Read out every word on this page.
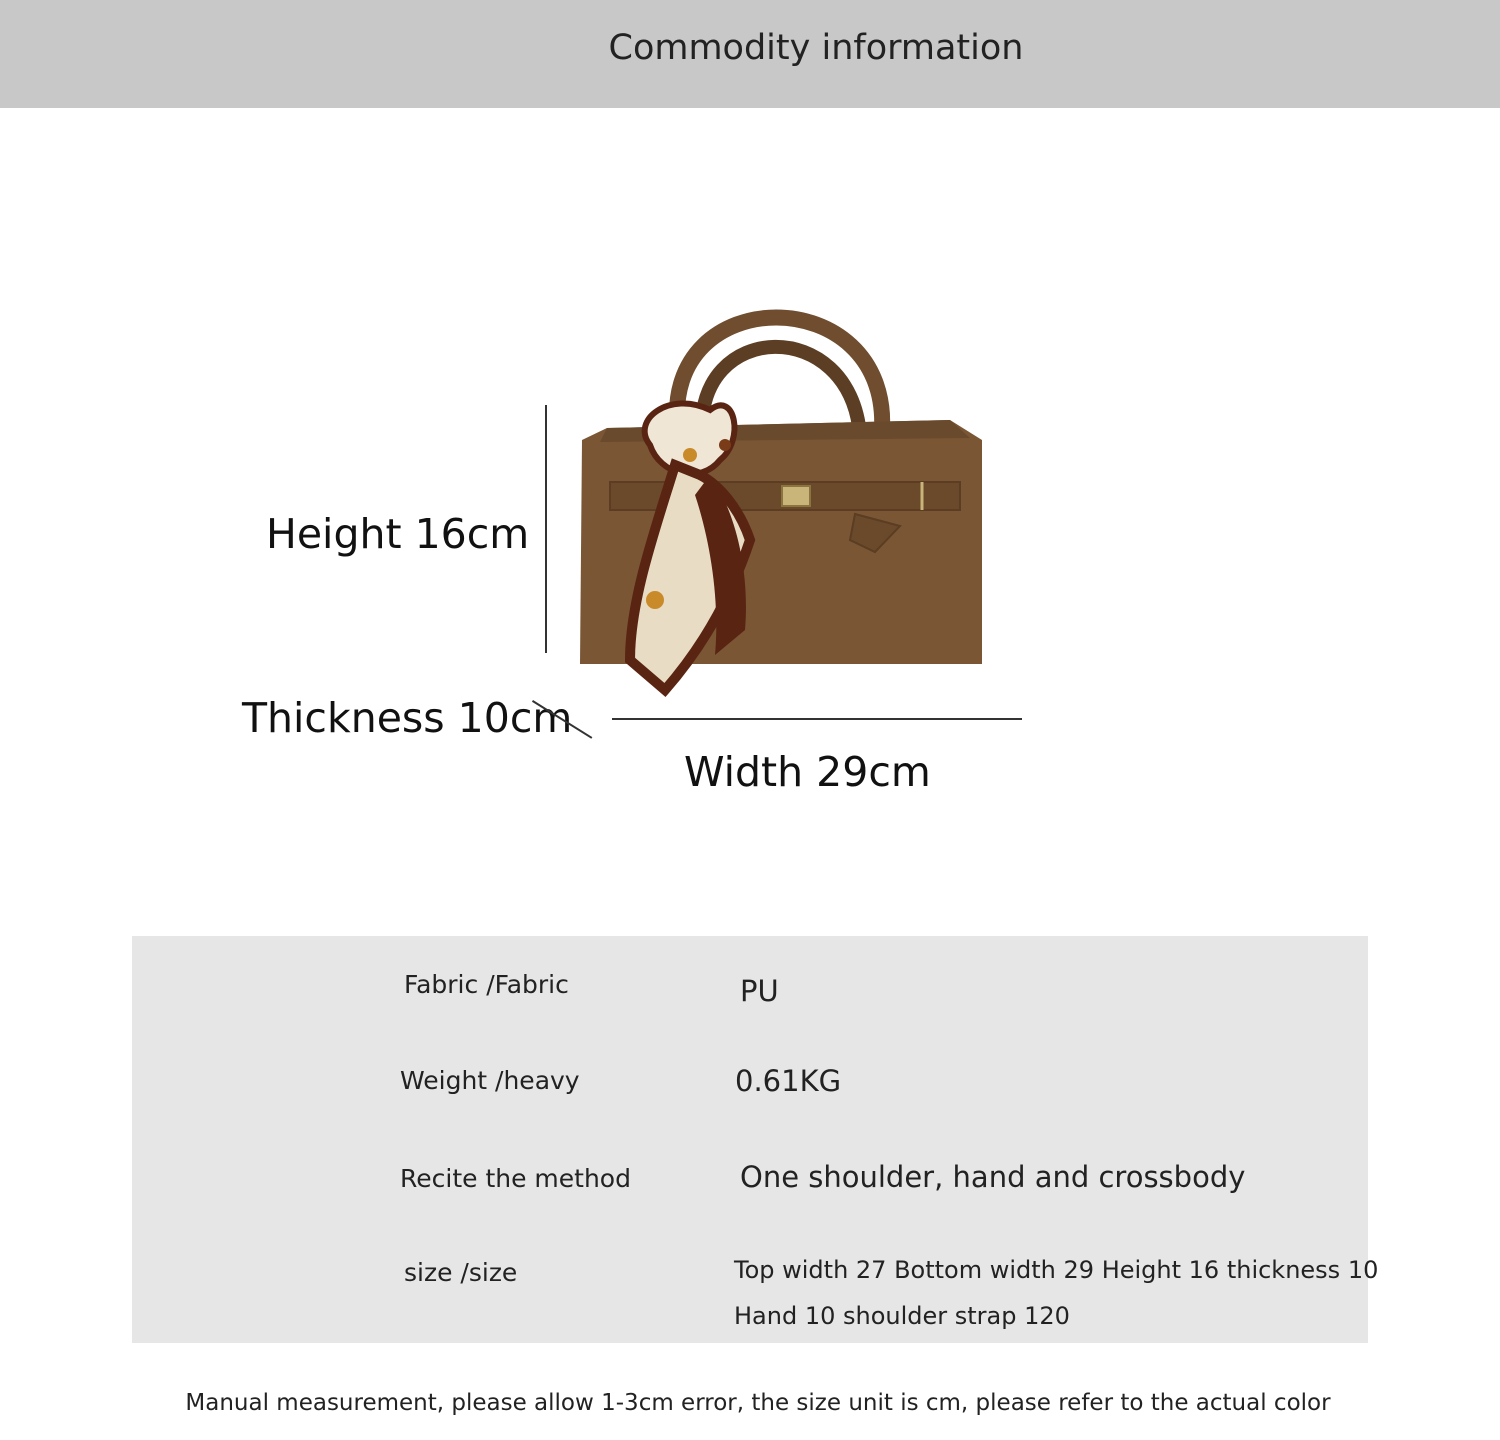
Commodity information
Height 16cm
Thickness 10cm
Width 29cm
Fabric /Fabric	PU
Weight /heavy	0.61KG
Recite the method	One shoulder, hand and crossbody
size /size	Top width 27 Bottom width 29 Height 16 thickness 10
Hand 10 shoulder strap 120
Manual measurement, please allow 1-3cm error, the size unit is cm, please refer to the actual color
